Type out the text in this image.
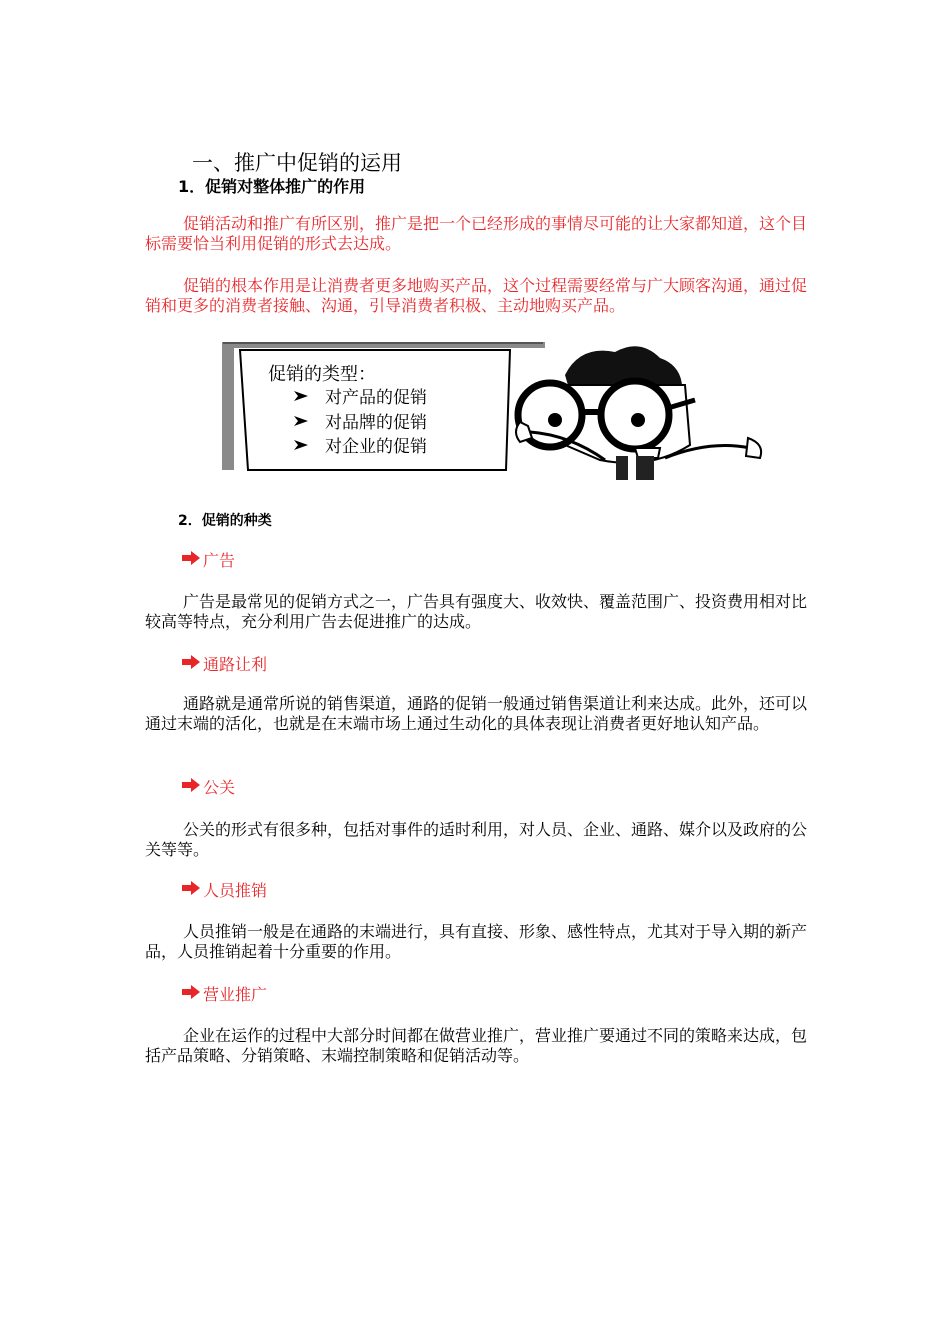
一、推广中促销的运用
1．促销对整体推广的作用

促销活动和推广有所区别，推广是把一个已经形成的事情尽可能的让大家都知道，这个目标需要恰当利用促销的形式去达成。

促销的根本作用是让消费者更多地购买产品，这个过程需要经常与广大顾客沟通，通过促销和更多的消费者接触、沟通，引导消费者积极、主动地购买产品。

促销的类型：
对产品的促销
对品牌的促销
对企业的促销
2．促销的种类
广告

广告是最常见的促销方式之一，广告具有强度大、收效快、覆盖范围广、投资费用相对比较高等特点，充分利用广告去促进推广的达成。

通路让利

通路就是通常所说的销售渠道，通路的促销一般通过销售渠道让利来达成。此外，还可以通过末端的活化，也就是在末端市场上通过生动化的具体表现让消费者更好地认知产品。

公关

公关的形式有很多种，包括对事件的适时利用，对人员、企业、通路、媒介以及政府的公关等等。

人员推销

人员推销一般是在通路的末端进行，具有直接、形象、感性特点，尤其对于导入期的新产品，人员推销起着十分重要的作用。

营业推广

企业在运作的过程中大部分时间都在做营业推广，营业推广要通过不同的策略来达成，包括产品策略、分销策略、末端控制策略和促销活动等。
